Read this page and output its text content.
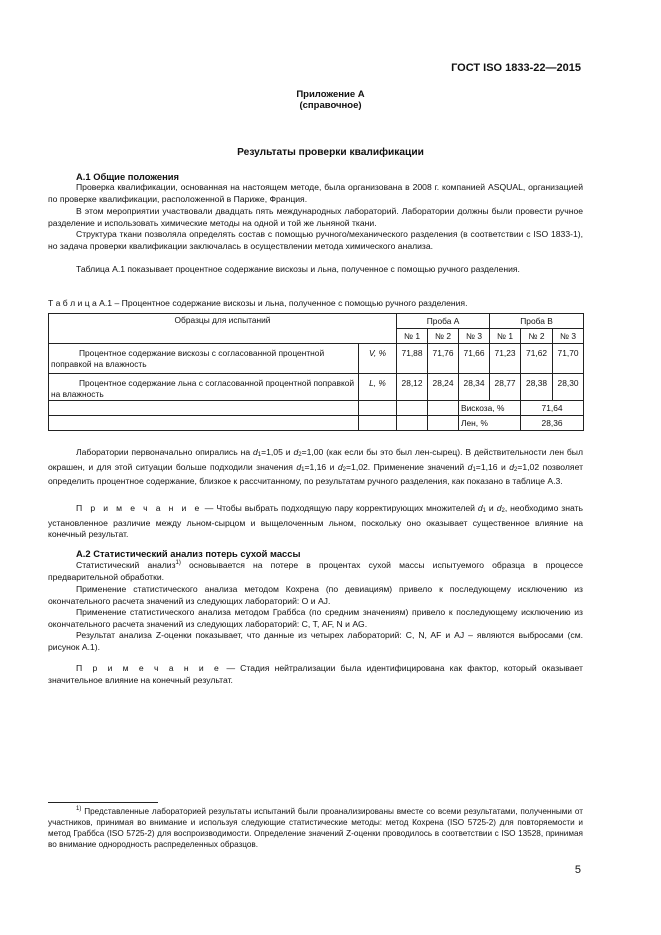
ГОСТ ISO 1833-22—2015
Приложение А
(справочное)
Результаты проверки квалификации
А.1 Общие положения

Проверка квалификации, основанная на настоящем методе, была организована в 2008 г. компанией ASQUAL, организацией по проверке квалификации, расположенной в Париже, Франция.

В этом мероприятии участвовали двадцать пять международных лабораторий. Лаборатории должны были провести ручное разделение и использовать химические методы на одной и той же льняной ткани.

Структура ткани позволяла определять состав с помощью ручного/механического разделения (в соответствии с ISO 1833-1), но задача проверки квалификации заключалась в осуществлении метода химического анализа.

Таблица А.1 показывает процентное содержание вискозы и льна, полученное с помощью ручного разделения.

Т а б л и ц а А.1 – Процентное содержание вискозы и льна, полученное с помощью ручного разделения.
Образцы для испытаний		Проба А			Проба В		
		№ 1	№ 2	№ 3	№ 1	№ 2	№ 3
Процентное содержание вискозы с согласованной процентной поправкой на влажность	V, %	71,88	71,76	71,66	71,23	71,62	71,70
Процентное содержание льна с согласованной процентной поправкой на влажность	L, %	28,12	28,24	28,34	28,77	28,38	28,30
				Вискоза, %		71,64	
				Лен, %		28,36	

Лаборатории первоначально опирались на $d_1=1,05$ и $d_2=1,00$ (как если бы это был лен-сырец). В действительности лен был окрашен, и для этой ситуации больше подходили значения $d_1=1,16$ и $d_2=1,02$. Применение значений $d_1=1,16$ и $d_2=1,02$ позволяет определить процентное содержание, близкое к рассчитанному, по результатам ручного разделения, как показано в таблице А.3.

П р и м е ч а н и е — Чтобы выбрать подходящую пару корректирующих множителей $d_1$ и $d_2$, необходимо знать установленное различие между льном-сырцом и выщелоченным льном, поскольку оно оказывает существенное влияние на конечный результат.

А.2 Статистический анализ потерь сухой массы

Статистический анализ$^{1)}$ основывается на потере в процентах сухой массы испытуемого образца в процессе предварительной обработки.

Применение статистического анализа методом Кохрена (по девиациям) привело к последующему исключению из окончательного расчета значений из следующих лабораторий: О и AJ.

Применение статистического анализа методом Граббса (по средним значениям) привело к последующему исключению из окончательного расчета значений из следующих лабораторий: С, Т, AF, N и AG.

Результат анализа Z-оценки показывает, что данные из четырех лабораторий: С, N, AF и AJ – являются выбросами (см. рисунок А.1).

П р и м е ч а н и е — Стадия нейтрализации была идентифицирована как фактор, который оказывает значительное влияние на конечный результат.

$^{1)}$ Представленные лабораторией результаты испытаний были проанализированы вместе со всеми результатами, полученными от участников, принимая во внимание и используя следующие статистические методы: метод Кохрена (ISO 5725-2) для повторяемости и метод Граббса (ISO 5725-2) для воспроизводимости. Определение значений Z-оценки проводилось в соответствии с ISO 13528, принимая во внимание однородность распределенных образцов.

5
